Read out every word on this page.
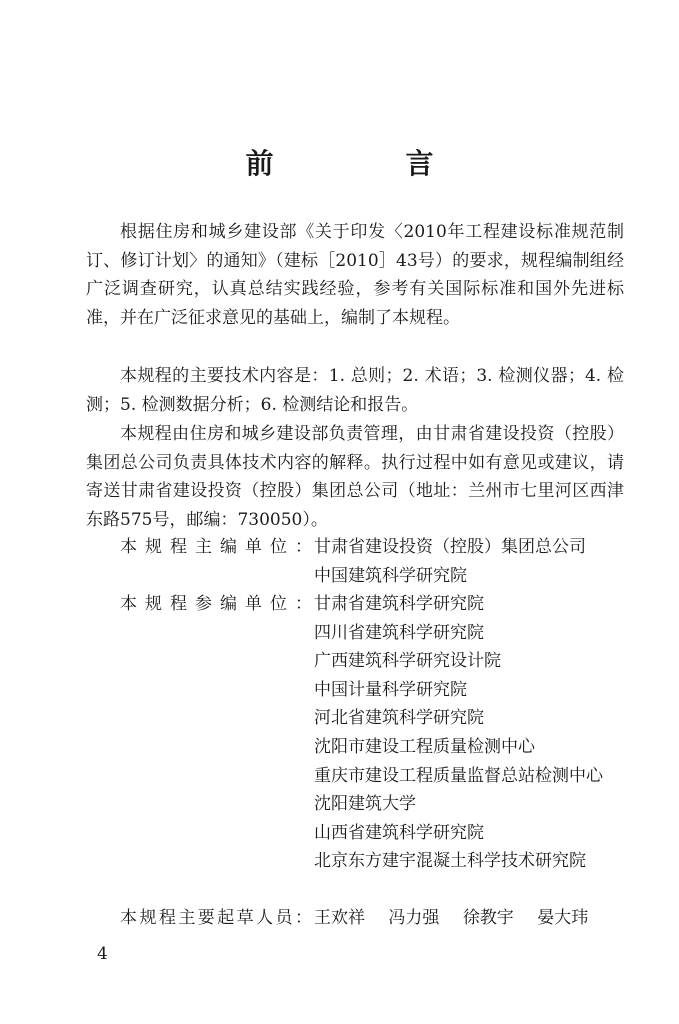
前　言

根据住房和城乡建设部《关于印发〈2010年工程建设标准规范制订、修订计划〉的通知》（建标［2010］43号）的要求，规程编制组经广泛调查研究，认真总结实践经验，参考有关国际标准和国外先进标准，并在广泛征求意见的基础上，编制了本规程。

本规程的主要技术内容是：1. 总则；2. 术语；3. 检测仪器；4. 检测；5. 检测数据分析；6. 检测结论和报告。

本规程由住房和城乡建设部负责管理，由甘肃省建设投资（控股）集团总公司负责具体技术内容的解释。执行过程中如有意见或建议，请寄送甘肃省建设投资（控股）集团总公司（地址：兰州市七里河区西津东路575号，邮编：730050）。

本规程主编单位： 甘肃省建设投资（控股）集团总公司
中国建筑科学研究院
本规程参编单位： 甘肃省建筑科学研究院
四川省建筑科学研究院
广西建筑科学研究设计院
中国计量科学研究院
河北省建筑科学研究院
沈阳市建设工程质量检测中心
重庆市建设工程质量监督总站检测中心
沈阳建筑大学
山西省建筑科学研究院
北京东方建宇混凝土科学技术研究院
本规程主要起草人员： 王欢祥 冯力强 徐教宇 晏大玮
4
